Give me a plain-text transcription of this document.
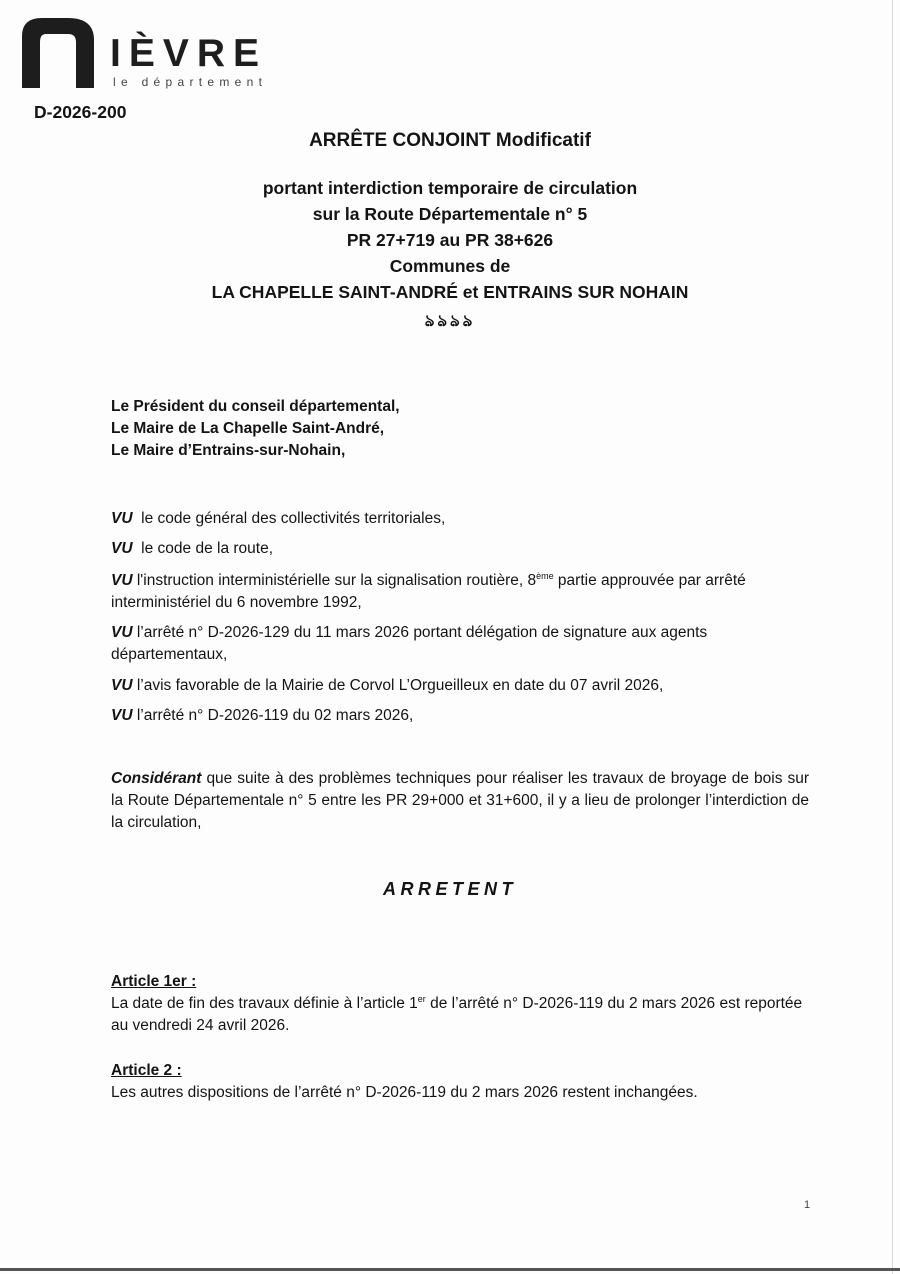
IÈVRE
le département
D-2026-200
ARRÊTE CONJOINT Modificatif
portant interdiction temporaire de circulation
sur la Route Départementale n° 5
PR 27+719 au PR 38+626
Communes de
LA CHAPELLE SAINT-ANDRÉ et ENTRAINS SUR NOHAIN
ঌঌঌঌ
Le Président du conseil départemental,
Le Maire de La Chapelle Saint-André,
Le Maire d’Entrains-sur-Nohain,
VU le code général des collectivités territoriales,
VU le code de la route,
VU l'instruction interministérielle sur la signalisation routière, 8ème partie approuvée par arrêté interministériel du 6 novembre 1992,
VU l’arrêté n° D-2026-129 du 11 mars 2026 portant délégation de signature aux agents départementaux,
VU l’avis favorable de la Mairie de Corvol L’Orgueilleux en date du 07 avril 2026,
VU l’arrêté n° D-2026-119 du 02 mars 2026,
Considérant que suite à des problèmes techniques pour réaliser les travaux de broyage de bois sur la Route Départementale n° 5 entre les PR 29+000 et 31+600, il y a lieu de prolonger l’interdiction de la circulation,
ARRETENT
Article 1er :
La date de fin des travaux définie à l’article 1er de l’arrêté n° D-2026-119 du 2 mars 2026 est reportée au vendredi 24 avril 2026.
Article 2 :
Les autres dispositions de l’arrêté n° D-2026-119 du 2 mars 2026 restent inchangées.
1
